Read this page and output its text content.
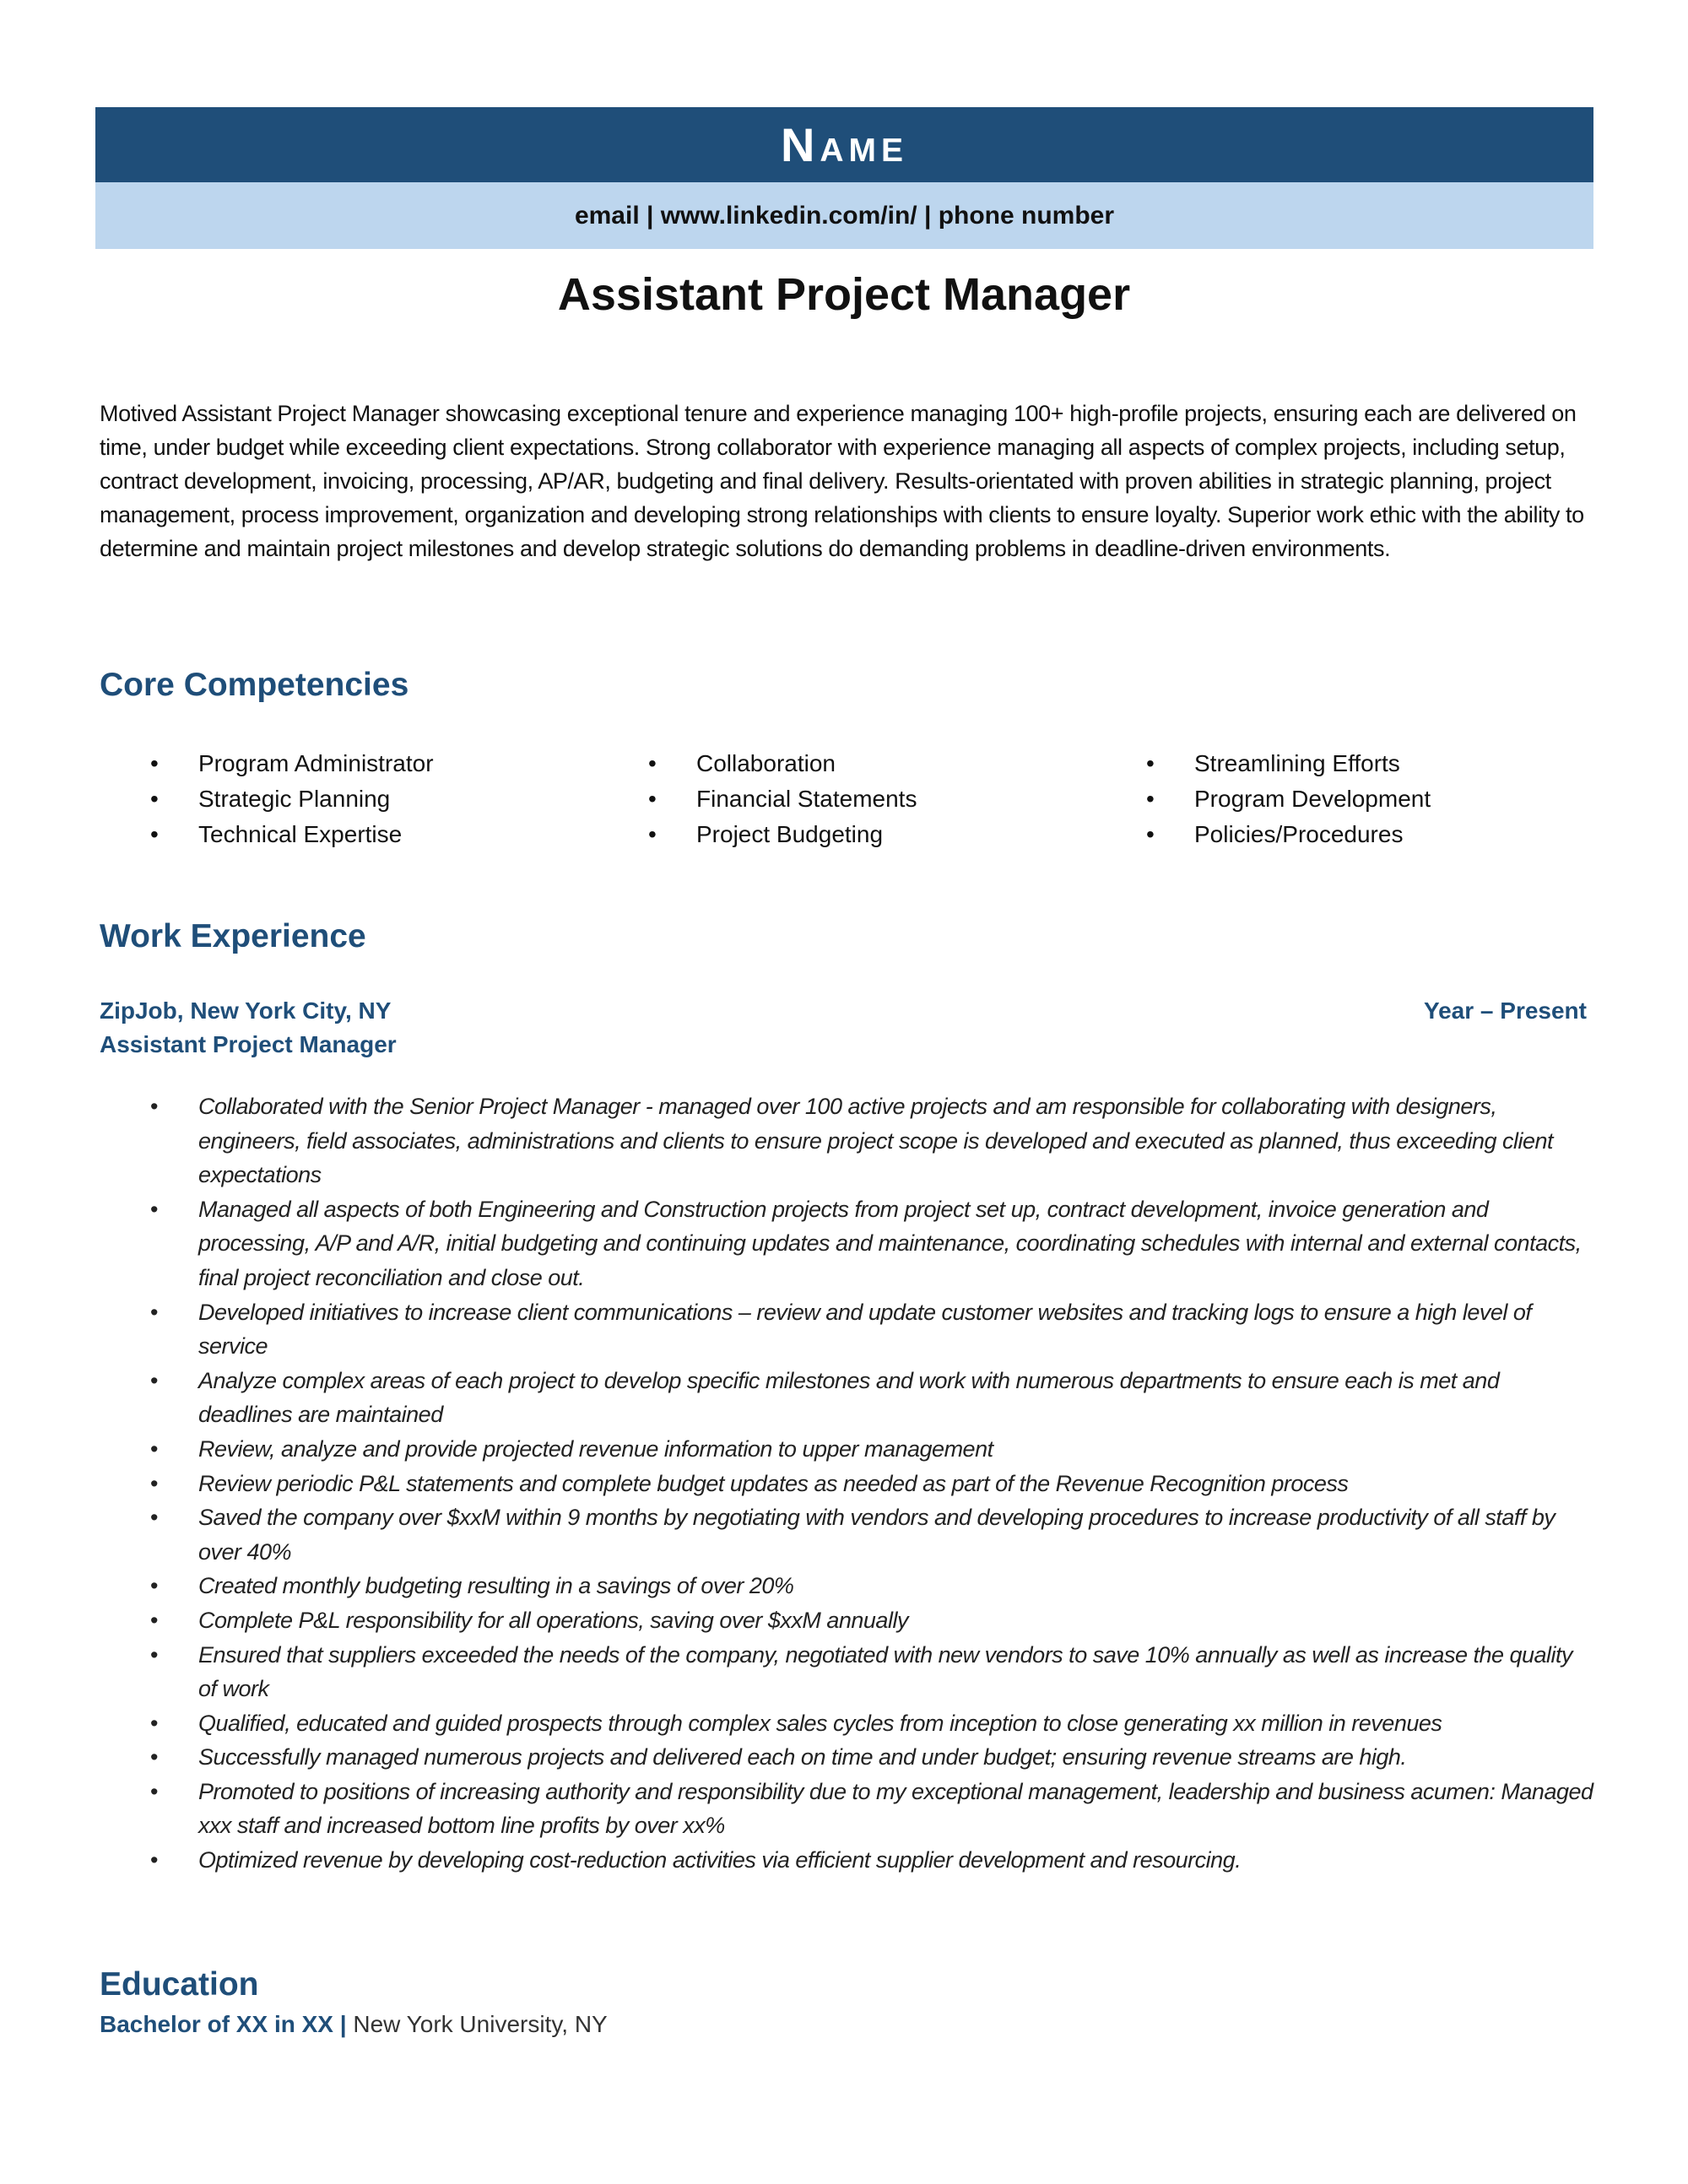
Name
email | www.linkedin.com/in/ | phone number
Assistant Project Manager
Motived Assistant Project Manager showcasing exceptional tenure and experience managing 100+ high-profile projects, ensuring each are delivered on time, under budget while exceeding client expectations. Strong collaborator with experience managing all aspects of complex projects, including setup, contract development, invoicing, processing, AP/AR, budgeting and final delivery. Results-orientated with proven abilities in strategic planning, project management, process improvement, organization and developing strong relationships with clients to ensure loyalty. Superior work ethic with the ability to determine and maintain project milestones and develop strategic solutions do demanding problems in deadline-driven environments.
Core Competencies
• Program Administrator
• Strategic Planning
• Technical Expertise
• Collaboration
• Financial Statements
• Project Budgeting
• Streamlining Efforts
• Program Development
• Policies/Procedures
Work Experience
ZipJob, New York City, NY	Year – Present
Assistant Project Manager
• Collaborated with the Senior Project Manager - managed over 100 active projects and am responsible for collaborating with designers, engineers, field associates, administrations and clients to ensure project scope is developed and executed as planned, thus exceeding client expectations
• Managed all aspects of both Engineering and Construction projects from project set up, contract development, invoice generation and processing, A/P and A/R, initial budgeting and continuing updates and maintenance, coordinating schedules with internal and external contacts, final project reconciliation and close out.
• Developed initiatives to increase client communications – review and update customer websites and tracking logs to ensure a high level of service
• Analyze complex areas of each project to develop specific milestones and work with numerous departments to ensure each is met and deadlines are maintained
• Review, analyze and provide projected revenue information to upper management
• Review periodic P&L statements and complete budget updates as needed as part of the Revenue Recognition process
• Saved the company over $xxM within 9 months by negotiating with vendors and developing procedures to increase productivity of all staff by over 40%
• Created monthly budgeting resulting in a savings of over 20%
• Complete P&L responsibility for all operations, saving over $xxM annually
• Ensured that suppliers exceeded the needs of the company, negotiated with new vendors to save 10% annually as well as increase the quality of work
• Qualified, educated and guided prospects through complex sales cycles from inception to close generating xx million in revenues
• Successfully managed numerous projects and delivered each on time and under budget; ensuring revenue streams are high.
• Promoted to positions of increasing authority and responsibility due to my exceptional management, leadership and business acumen: Managed xxx staff and increased bottom line profits by over xx%
• Optimized revenue by developing cost-reduction activities via efficient supplier development and resourcing.
Education
Bachelor of XX in XX | New York University, NY
